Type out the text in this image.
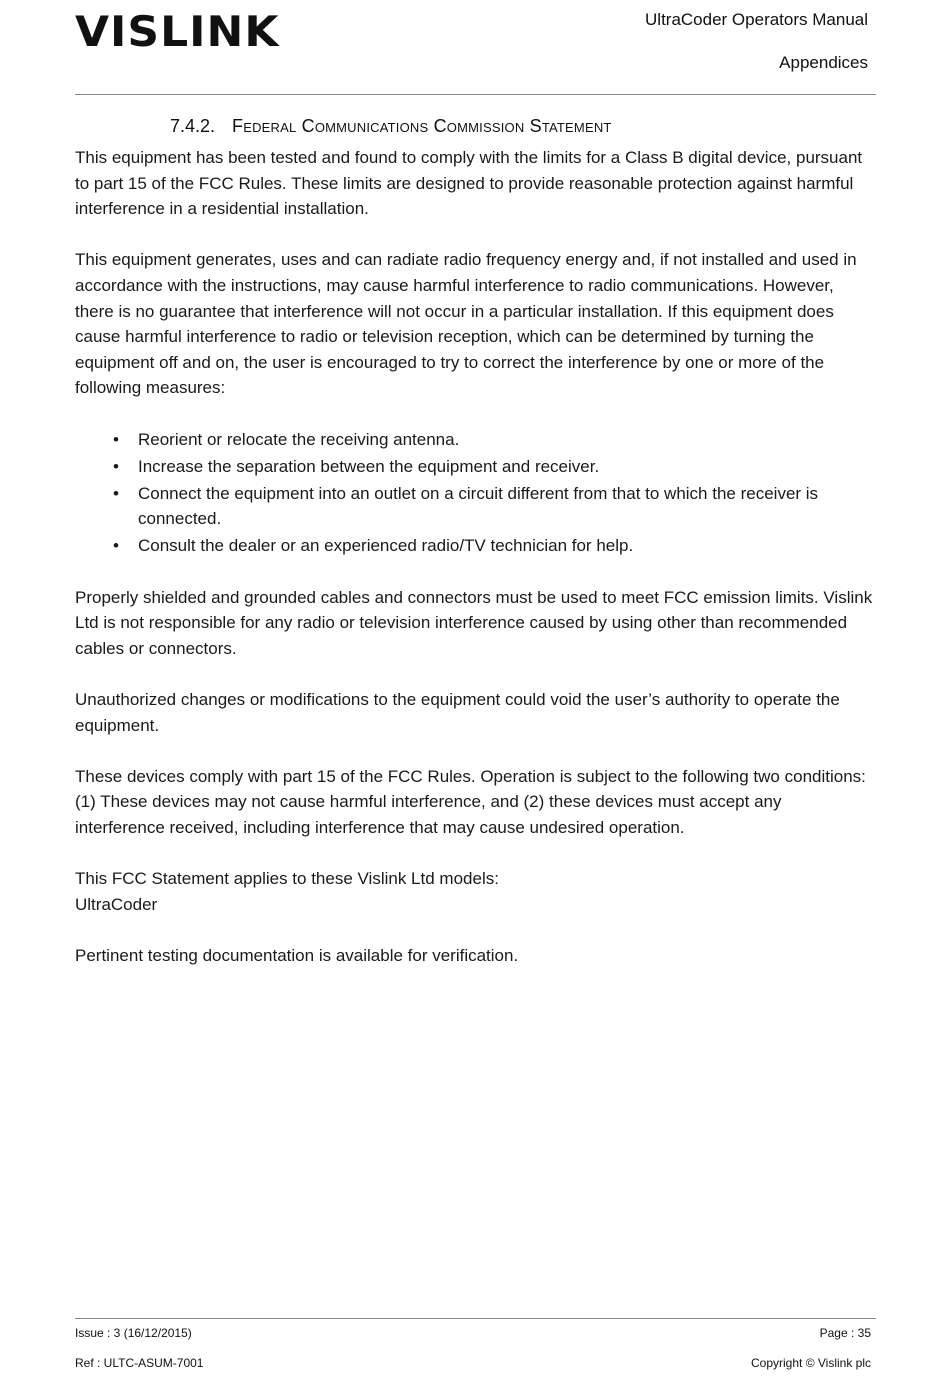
VISLINK	UltraCoder Operators Manual
Appendices
7.4.2. Federal Communications Commission Statement

This equipment has been tested and found to comply with the limits for a Class B digital device, pursuant to part 15 of the FCC Rules. These limits are designed to provide reasonable protection against harmful interference in a residential installation.

This equipment generates, uses and can radiate radio frequency energy and, if not installed and used in accordance with the instructions, may cause harmful interference to radio communications. However, there is no guarantee that interference will not occur in a particular installation. If this equipment does cause harmful interference to radio or television reception, which can be determined by turning the equipment off and on, the user is encouraged to try to correct the interference by one or more of the following measures:

• Reorient or relocate the receiving antenna.
• Increase the separation between the equipment and receiver.
• Connect the equipment into an outlet on a circuit different from that to which the receiver is connected.
• Consult the dealer or an experienced radio/TV technician for help.

Properly shielded and grounded cables and connectors must be used to meet FCC emission limits. Vislink Ltd is not responsible for any radio or television interference caused by using other than recommended cables or connectors.

Unauthorized changes or modifications to the equipment could void the user’s authority to operate the equipment.

These devices comply with part 15 of the FCC Rules. Operation is subject to the following two conditions: (1) These devices may not cause harmful interference, and (2) these devices must accept any interference received, including interference that may cause undesired operation.

This FCC Statement applies to these Vislink Ltd models:

UltraCoder

Pertinent testing documentation is available for verification.

Issue : 3 (16/12/2015)	Page : 35
Ref : ULTC-ASUM-7001	Copyright © Vislink plc
